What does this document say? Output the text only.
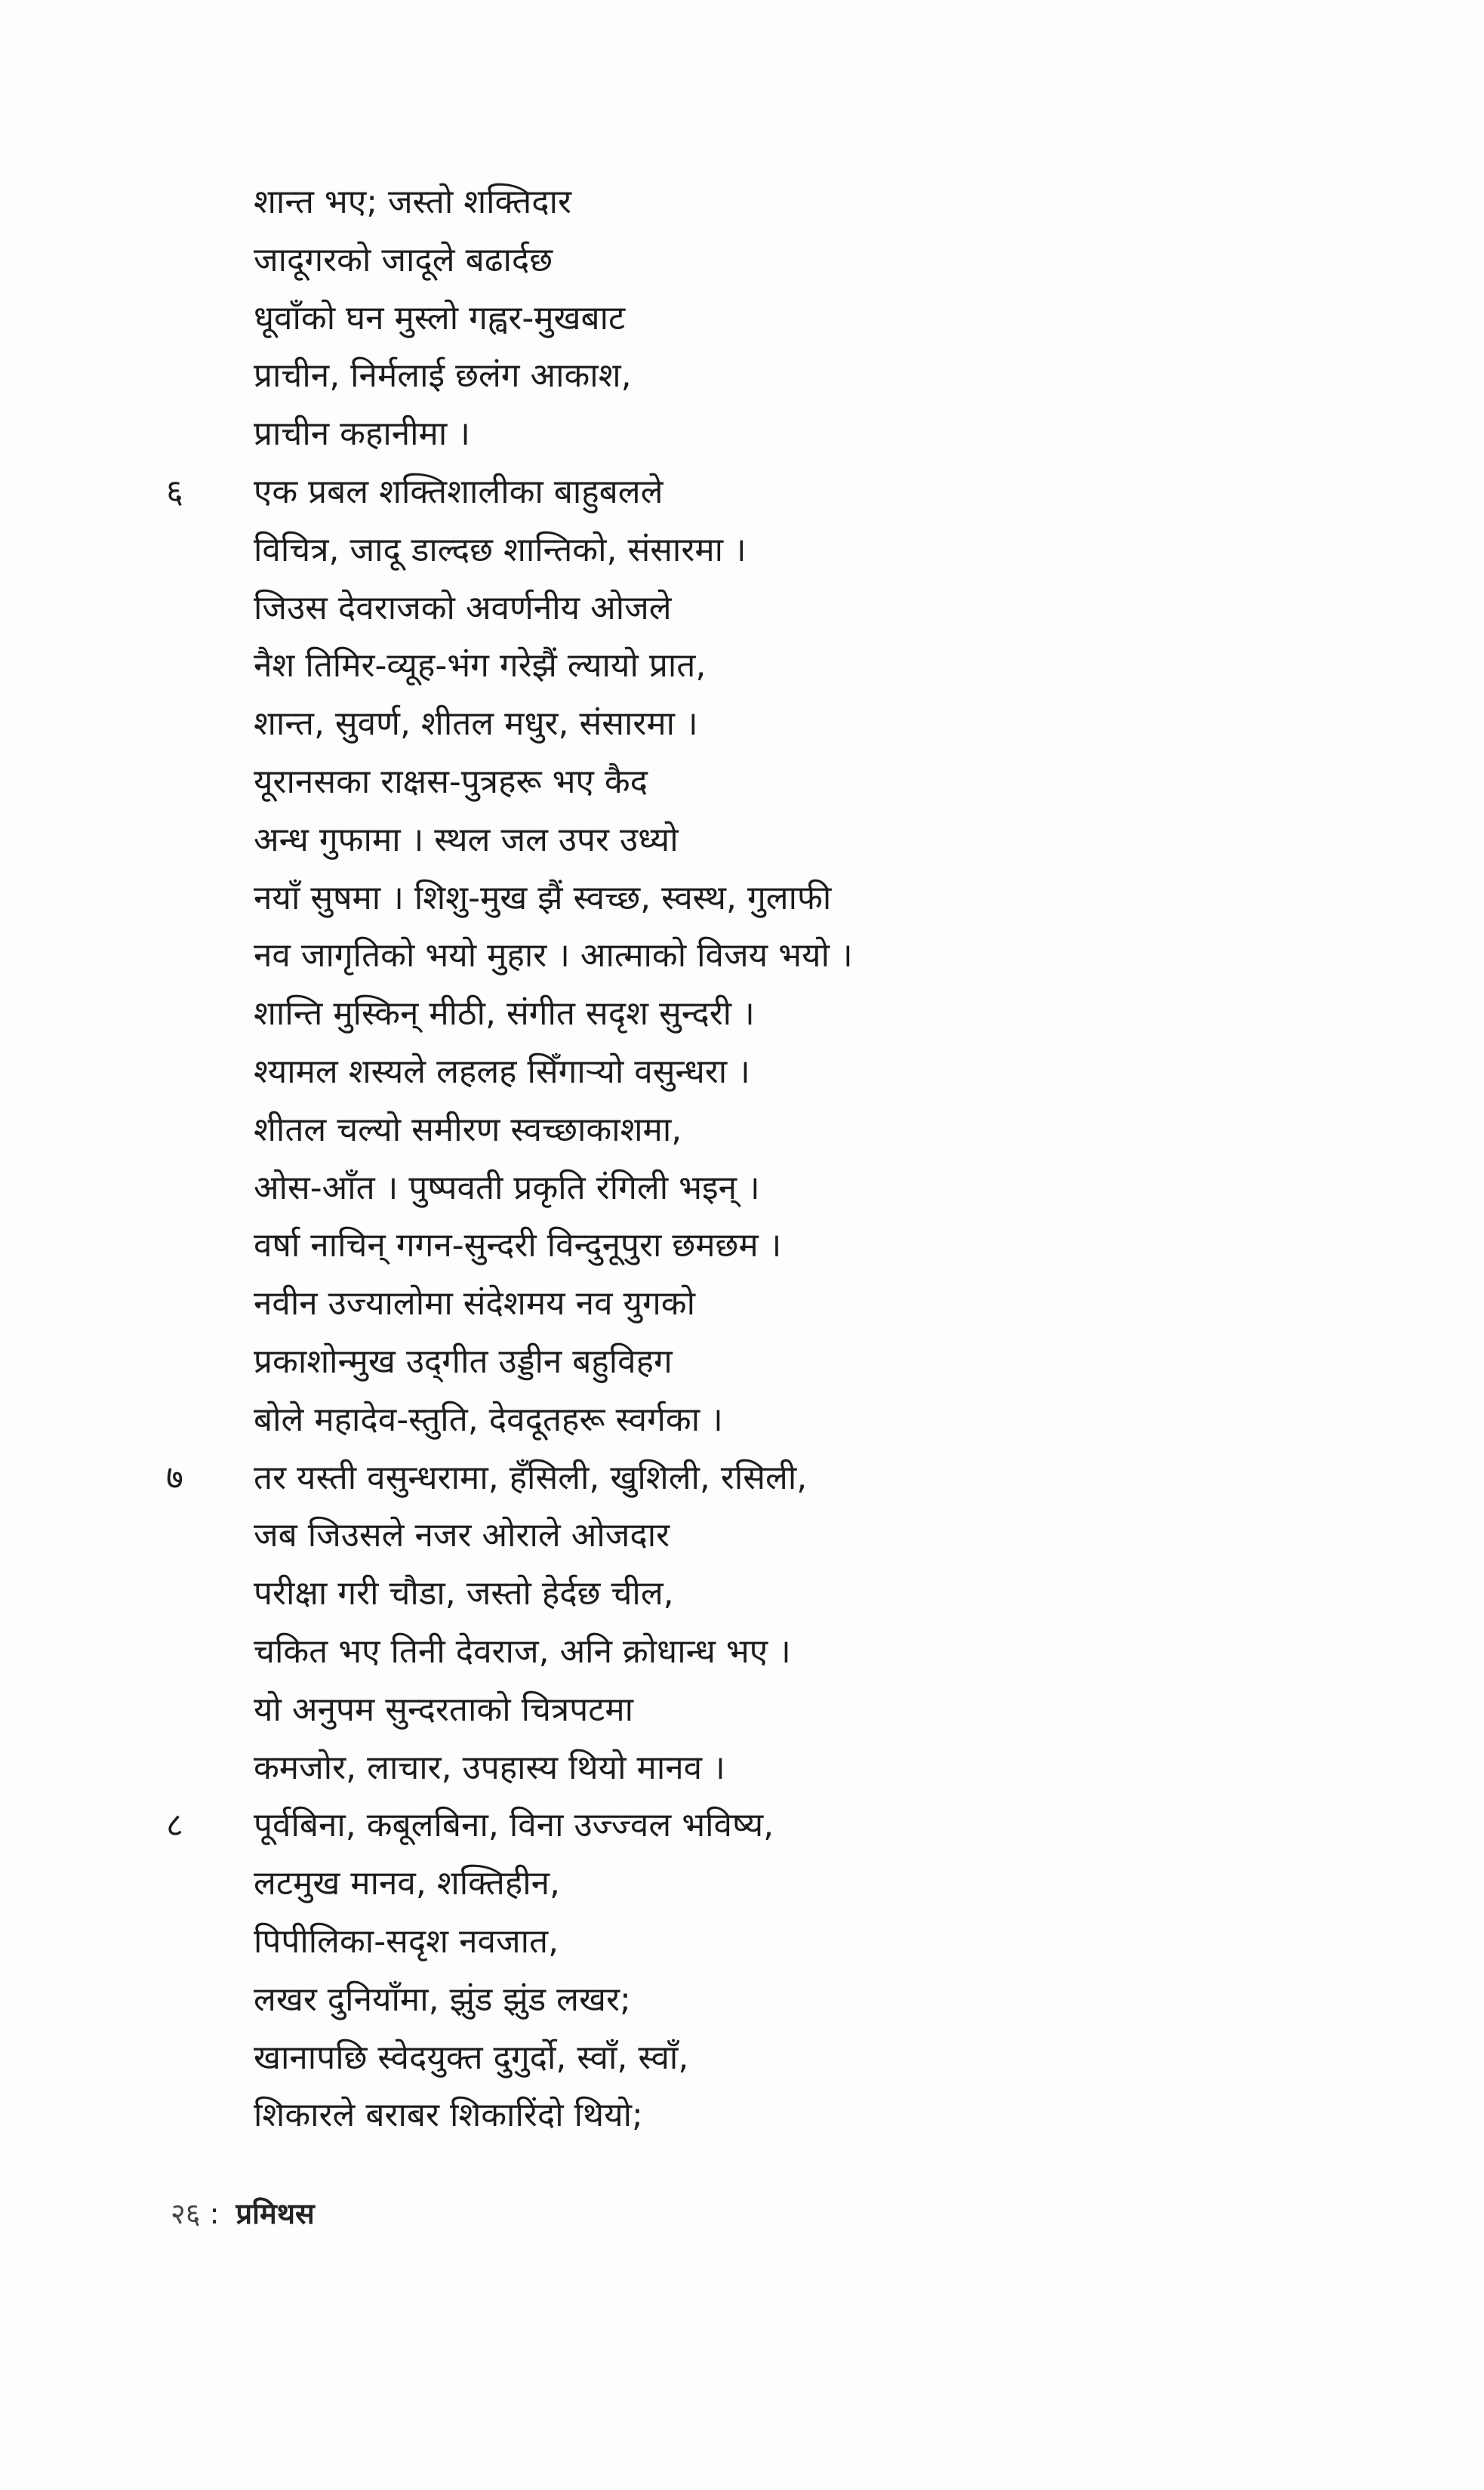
शान्त भए; जस्तो शक्तिदार
जादूगरको जादूले बढार्दछ
धूवाँको घन मुस्लो गह्वर-मुखबाट
प्राचीन, निर्मलाई छलंग आकाश,
प्राचीन कहानीमा ।
६	एक प्रबल शक्तिशालीका बाहुबलले
विचित्र, जादू डाल्दछ शान्तिको, संसारमा ।
जिउस देवराजको अवर्णनीय ओजले
नैश तिमिर-व्यूह-भंग गरेझैं ल्यायो प्रात,
शान्त, सुवर्ण, शीतल मधुर, संसारमा ।
यूरानसका राक्षस-पुत्रहरू भए कैद
अन्ध गुफामा । स्थल जल उपर उध्यो
नयाँ सुषमा । शिशु-मुख झैं स्वच्छ, स्वस्थ, गुलाफी
नव जागृतिको भयो मुहार । आत्माको विजय भयो ।
शान्ति मुस्किन् मीठी, संगीत सदृश सुन्दरी ।
श्यामल शस्यले लहलह सिँगार्‍यो वसुन्धरा ।
शीतल चल्यो समीरण स्वच्छाकाशमा,
ओस-आँत । पुष्पवती प्रकृति रंगिली भइन् ।
वर्षा नाचिन् गगन-सुन्दरी विन्दुनूपुरा छमछम ।
नवीन उज्यालोमा संदेशमय नव युगको
प्रकाशोन्मुख उद्‌गीत उड्डीन बहुविहग
बोले महादेव-स्तुति, देवदूतहरू स्वर्गका ।
७	तर यस्ती वसुन्धरामा, हँसिली, खुशिली, रसिली,
जब जिउसले नजर ओराले ओजदार
परीक्षा गरी चौडा, जस्तो हेर्दछ चील,
चकित भए तिनी देवराज, अनि क्रोधान्ध भए ।
यो अनुपम सुन्दरताको चित्रपटमा
कमजोर, लाचार, उपहास्य थियो मानव ।
८	पूर्वबिना, कबूलबिना, विना उज्ज्वल भविष्य,
लटमुख मानव, शक्तिहीन,
पिपीलिका-सदृश नवजात,
लखर दुनियाँमा, झुंड झुंड लखर;
खानापछि स्वेदयुक्त दुगुर्दो, स्वाँ, स्वाँ,
शिकारले बराबर शिकारिंदो थियो;
२६ : प्रमिथस
